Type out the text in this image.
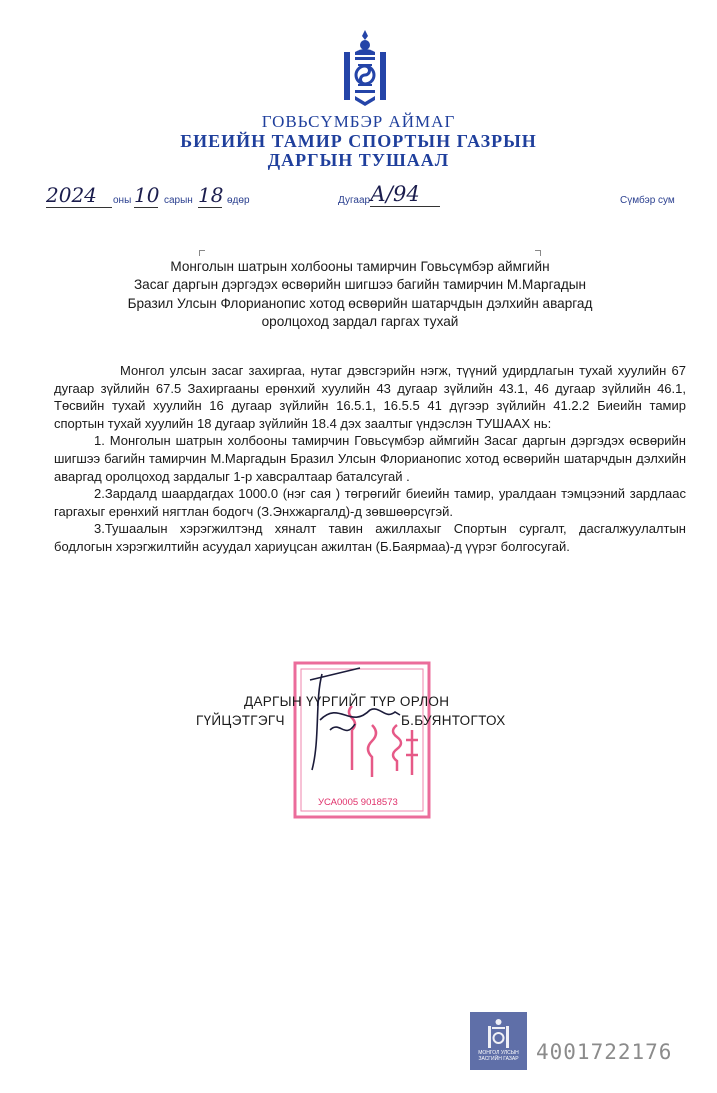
ГОВЬСҮМБЭР АЙМАГ
БИЕИЙН ТАМИР СПОРТЫН ГАЗРЫН
ДАРГЫН ТУШААЛ
2024	оны 10 сарын 18 өдөр	Дугаар А/94	Сүмбэр сум
Монголын шатрын холбооны тамирчин Говьсүмбэр аймгийн
Засаг даргын дэргэдэх өсвөрийн шигшээ багийн тамирчин М.Маргадын
Бразил Улсын Флорианопис хотод өсвөрийн шатарчдын дэлхийн аваргад
оролцоход зардал гаргах тухай

Монгол улсын засаг захиргаа, нутаг дэвсгэрийн нэгж, түүний удирдлагын тухай хуулийн 67 дугаар зүйлийн 67.5 Захиргааны ерөнхий хуулийн 43 дугаар зүйлийн 43.1, 46 дугаар зүйлийн 46.1, Төсвийн тухай хуулийн 16 дугаар зүйлийн 16.5.1, 16.5.5 41 дүгээр зүйлийн 41.2.2 Биеийн тамир спортын тухай хуулийн 18 дугаар зүйлийн 18.4 дэх заалтыг үндэслэн ТУШААХ нь:

1. Монголын шатрын холбооны тамирчин Говьсүмбэр аймгийн Засаг даргын дэргэдэх өсвөрийн шигшээ багийн тамирчин М.Маргадын Бразил Улсын Флорианопис хотод өсвөрийн шатарчдын дэлхийн аваргад оролцоход зардалыг 1-р хавсралтаар баталсугай .

2.Зардалд шаардагдах 1000.0 (нэг сая ) төгрөгийг биеийн тамир, уралдаан тэмцээний зардлаас гаргахыг ерөнхий нягтлан бодогч (З.Энхжаргалд)-д зөвшөөрсүгэй.

3.Тушаалын хэрэгжилтэнд хяналт тавин ажиллахыг Спортын сургалт, дасгалжуулалтын бодлогын хэрэгжилтийн асуудал хариуцсан ажилтан (Б.Баярмаа)-д үүрэг болгосугай.

УСА0005 9018573
ДАРГЫН ҮҮРГИЙГ ТҮР ОРЛОН
ГҮЙЦЭТГЭГЧ	Б.БУЯНТОГТОХ
МОНГОЛ УЛСЫН
ЗАСГИЙН ГАЗАР 4001722176
